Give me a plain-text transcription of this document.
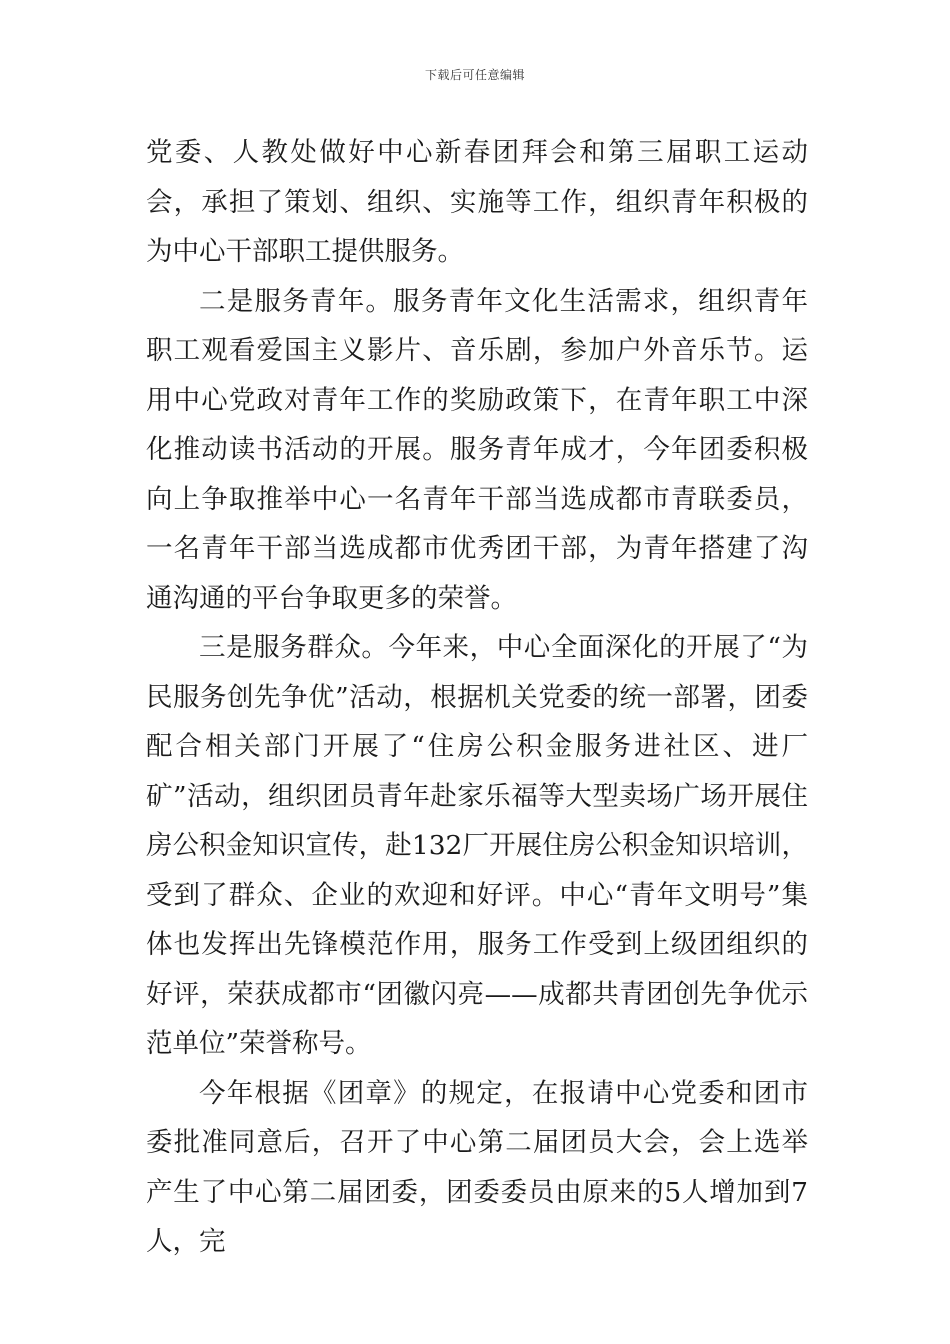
下载后可任意编辑

党委、人教处做好中心新春团拜会和第三届职工运动会，承担了策划、组织、实施等工作，组织青年积极的为中心干部职工提供服务。

二是服务青年。服务青年文化生活需求，组织青年职工观看爱国主义影片、音乐剧，参加户外音乐节。运用中心党政对青年工作的奖励政策下，在青年职工中深化推动读书活动的开展。服务青年成才，今年团委积极向上争取推举中心一名青年干部当选成都市青联委员，一名青年干部当选成都市优秀团干部，为青年搭建了沟通沟通的平台争取更多的荣誉。

三是服务群众。今年来，中心全面深化的开展了“为民服务创先争优”活动，根据机关党委的统一部署，团委配合相关部门开展了“住房公积金服务进社区、进厂矿”活动，组织团员青年赴家乐福等大型卖场广场开展住房公积金知识宣传，赴132厂开展住房公积金知识培训，受到了群众、企业的欢迎和好评。中心“青年文明号”集体也发挥出先锋模范作用，服务工作受到上级团组织的好评，荣获成都市“团徽闪亮——成都共青团创先争优示范单位”荣誉称号。

今年根据《团章》的规定，在报请中心党委和团市委批准同意后，召开了中心第二届团员大会，会上选举产生了中心第二届团委，团委委员由原来的5人增加到7人，完
